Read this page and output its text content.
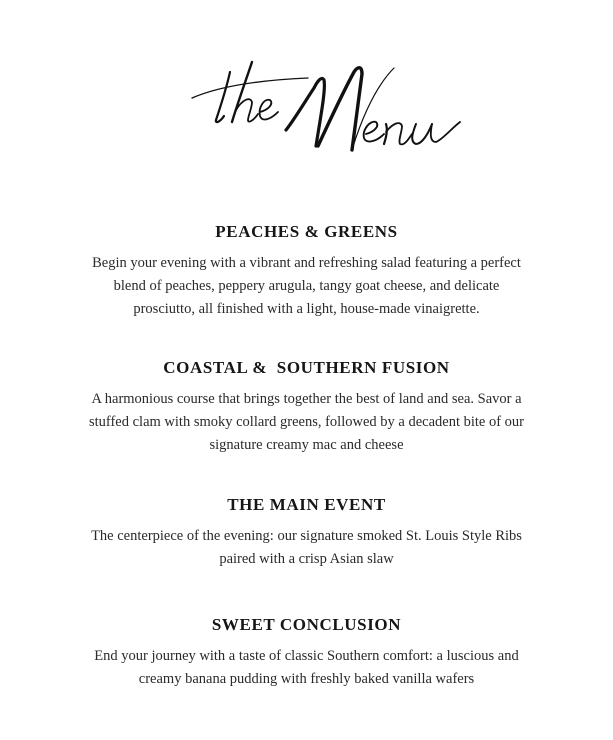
PEACHES & GREENS

Begin your evening with a vibrant and refreshing salad featuring a perfect blend of peaches, peppery arugula, tangy goat cheese, and delicate prosciutto, all finished with a light, house-made vinaigrette.

COASTAL &  SOUTHERN FUSION

A harmonious course that brings together the best of land and sea. Savor a stuffed clam with smoky collard greens, followed by a decadent bite of our signature creamy mac and cheese

THE MAIN EVENT

The centerpiece of the evening: our signature smoked St. Louis Style Ribs paired with a crisp Asian slaw

SWEET CONCLUSION

End your journey with a taste of classic Southern comfort: a luscious and creamy banana pudding with freshly baked vanilla wafers
